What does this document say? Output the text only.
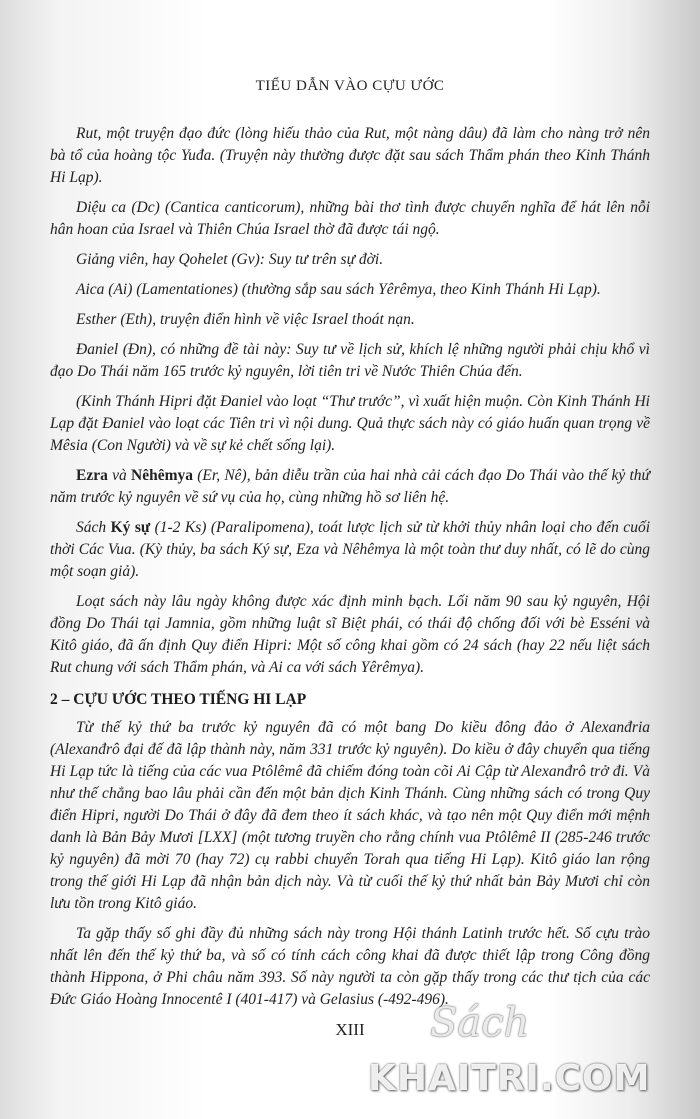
TIỂU DẪN VÀO CỰU ƯỚC

Rut, một truyện đạo đức (lòng hiếu thảo của Rut, một nàng dâu) đã làm cho nàng trở nên bà tổ của hoàng tộc Yuđa. (Truyện này thường được đặt sau sách Thẩm phán theo Kinh Thánh Hi Lạp).

Diệu ca (Dc) (Cantica canticorum), những bài thơ tình được chuyển nghĩa để hát lên nỗi hân hoan của Israel và Thiên Chúa Israel thờ đã được tái ngộ.

Giảng viên, hay Qohelet (Gv): Suy tư trên sự đời.

Aica (Ai) (Lamentationes) (thường sắp sau sách Yêrêmya, theo Kinh Thánh Hi Lạp).

Esther (Eth), truyện điển hình về việc Israel thoát nạn.

Đaniel (Đn), có những đề tài này: Suy tư về lịch sử, khích lệ những người phải chịu khổ vì đạo Do Thái năm 165 trước kỷ nguyên, lời tiên tri về Nước Thiên Chúa đến.

(Kinh Thánh Hipri đặt Đaniel vào loạt “Thư trước”, vì xuất hiện muộn. Còn Kinh Thánh Hi Lạp đặt Đaniel vào loạt các Tiên tri vì nội dung. Quả thực sách này có giáo huấn quan trọng về Mêsia (Con Người) và về sự kẻ chết sống lại).

Ezra và Nêhêmya (Er, Nê), bản diễu trần của hai nhà cải cách đạo Do Thái vào thế kỷ thứ năm trước kỷ nguyên về sứ vụ của họ, cùng những hồ sơ liên hệ.

Sách Ký sự (1-2 Ks) (Paralipomena), toát lược lịch sử từ khởi thủy nhân loại cho đến cuối thời Các Vua. (Kỳ thủy, ba sách Ký sự, Eza và Nêhêmya là một toàn thư duy nhất, có lẽ do cùng một soạn giả).

Loạt sách này lâu ngày không được xác định minh bạch. Lối năm 90 sau kỷ nguyên, Hội đồng Do Thái tại Jamnia, gồm những luật sĩ Biệt phái, có thái độ chống đối với bè Esséni và Kitô giáo, đã ấn định Quy điển Hipri: Một số công khai gồm có 24 sách (hay 22 nếu liệt sách Rut chung với sách Thẩm phán, và Ai ca với sách Yêrêmya).

2 – CỰU ƯỚC THEO TIẾNG HI LẠP

Từ thế kỷ thứ ba trước kỷ nguyên đã có một bang Do kiều đông đảo ở Alexanđria (Alexanđrô đại đế đã lập thành này, năm 331 trước kỷ nguyên). Do kiều ở đây chuyển qua tiếng Hi Lạp tức là tiếng của các vua Ptôlêmê đã chiếm đóng toàn cõi Ai Cập từ Alexanđrô trở đi. Và như thế chẳng bao lâu phải cần đến một bản dịch Kinh Thánh. Cùng những sách có trong Quy điển Hipri, người Do Thái ở đây đã đem theo ít sách khác, và tạo nên một Quy điển mới mệnh danh là Bản Bảy Mươi [LXX] (một tương truyền cho rằng chính vua Ptôlêmê II (285-246 trước kỷ nguyên) đã mời 70 (hay 72) cụ rabbi chuyển Torah qua tiếng Hi Lạp). Kitô giáo lan rộng trong thế giới Hi Lạp đã nhận bản dịch này. Và từ cuối thế kỷ thứ nhất bản Bảy Mươi chỉ còn lưu tồn trong Kitô giáo.

Ta gặp thấy số ghi đầy đủ những sách này trong Hội thánh Latinh trước hết. Số cựu trào nhất lên đến thế kỷ thứ ba, và số có tính cách công khai đã được thiết lập trong Công đồng thành Hippona, ở Phi châu năm 393. Số này người ta còn gặp thấy trong các thư tịch của các Đức Giáo Hoàng Innocentê I (401-417) và Gelasius (-492-496).

XIII	Sách
KHAITRI.COM
